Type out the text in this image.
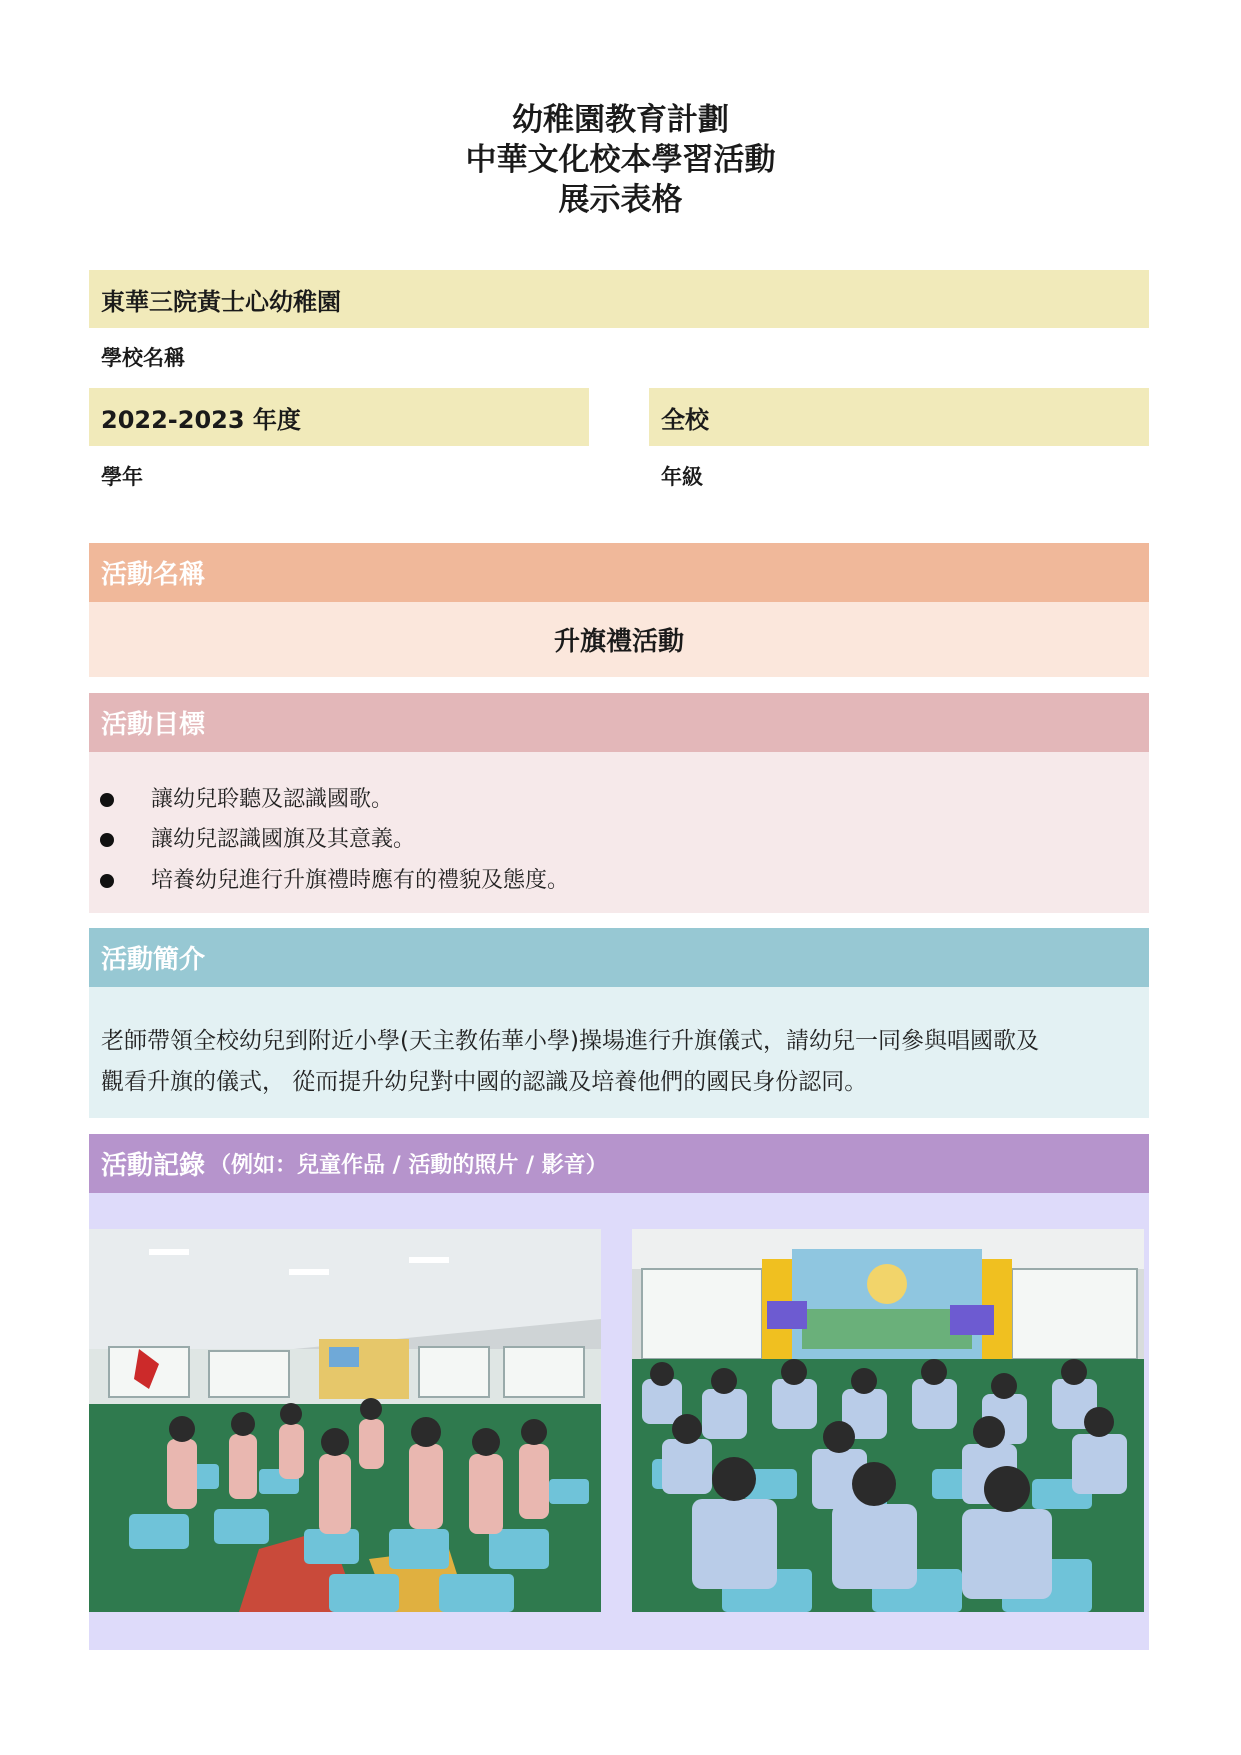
幼稚園教育計劃
中華文化校本學習活動
展示表格
東華三院黃士心幼稚園
學校名稱
2022-2023 年度
學年
全校
年級
活動名稱
升旗禮活動
活動目標
讓幼兒聆聽及認識國歌。
讓幼兒認識國旗及其意義。
培養幼兒進行升旗禮時應有的禮貌及態度。
活動簡介
老師帶領全校幼兒到附近小學(天主教佑華小學)操場進行升旗儀式，請幼兒一同參與唱國歌及
觀看升旗的儀式， 從而提升幼兒對中國的認識及培養他們的國民身份認同。
活動記錄 （例如：兒童作品 / 活動的照片 / 影音）
